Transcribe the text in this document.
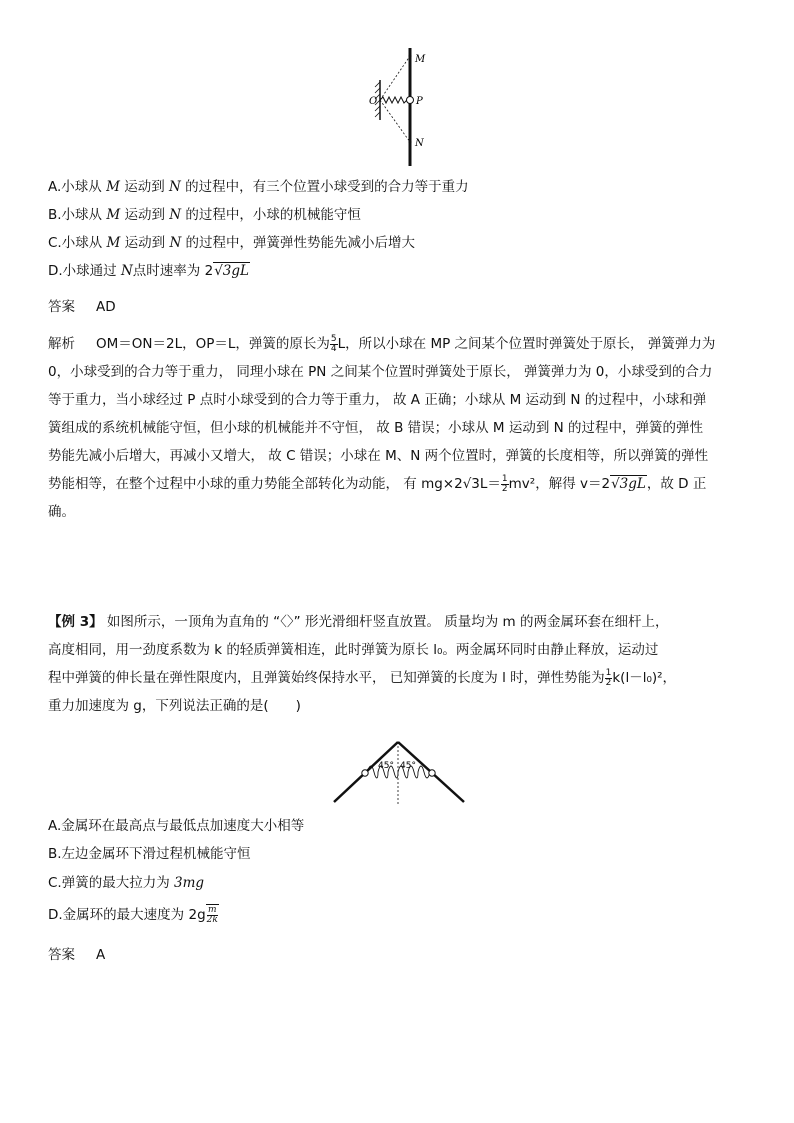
M
O	P
N
A.小球从 M 运动到 N 的过程中，有三个位置小球受到的合力等于重力
B.小球从 M 运动到 N 的过程中，小球的机械能守恒
C.小球从 M 运动到 N 的过程中，弹簧弹性势能先减小后增大
D.小球通过 N点时速率为 2√3gL
答案 AD
解析 OM＝ON＝2L，OP＝L，弹簧的原长为 $\frac{5}{4}$ L，所以小球在 MP 之间某个位置时弹簧处于原长， 弹簧弹力为
0，小球受到的合力等于重力， 同理小球在 PN 之间某个位置时弹簧处于原长， 弹簧弹力为 0，小球受到的合力
等于重力，当小球经过 P 点时小球受到的合力等于重力， 故 A 正确；小球从 M 运动到 N 的过程中，小球和弹
簧组成的系统机械能守恒，但小球的机械能并不守恒， 故 B 错误；小球从 M 运动到 N 的过程中，弹簧的弹性
势能先减小后增大，再减小又增大， 故 C 错误；小球在 M、N 两个位置时，弹簧的长度相等，所以弹簧的弹性
势能相等，在整个过程中小球的重力势能全部转化为动能， 有 $mg\times 2√3L= \frac{1}{2} mv^2$，解得 v＝2√3gL，故 D 正
确。
【例 3】 如图所示，一顶角为直角的 “〈〉” 形光滑细杆竖直放置。 质量均为 m 的两金属环套在细杆上，
高度相同，用一劲度系数为 k 的轻质弹簧相连，此时弹簧为原长 l₀。两金属环同时由静止释放，运动过
程中弹簧的伸长量在弹性限度内，且弹簧始终保持水平， 已知弹簧的长度为 l 时，弹性势能为 $\frac{1}{2} k(l-l_0)^2$，
重力加速度为 g，下列说法正确的是(　　)
45° 45°
A.金属环在最高点与最低点加速度大小相等
B.左边金属环下滑过程机械能守恒
C.弹簧的最大拉力为 3mg
D.金属环的最大速度为 $2g \frac{m}{2k}$
答案 A
